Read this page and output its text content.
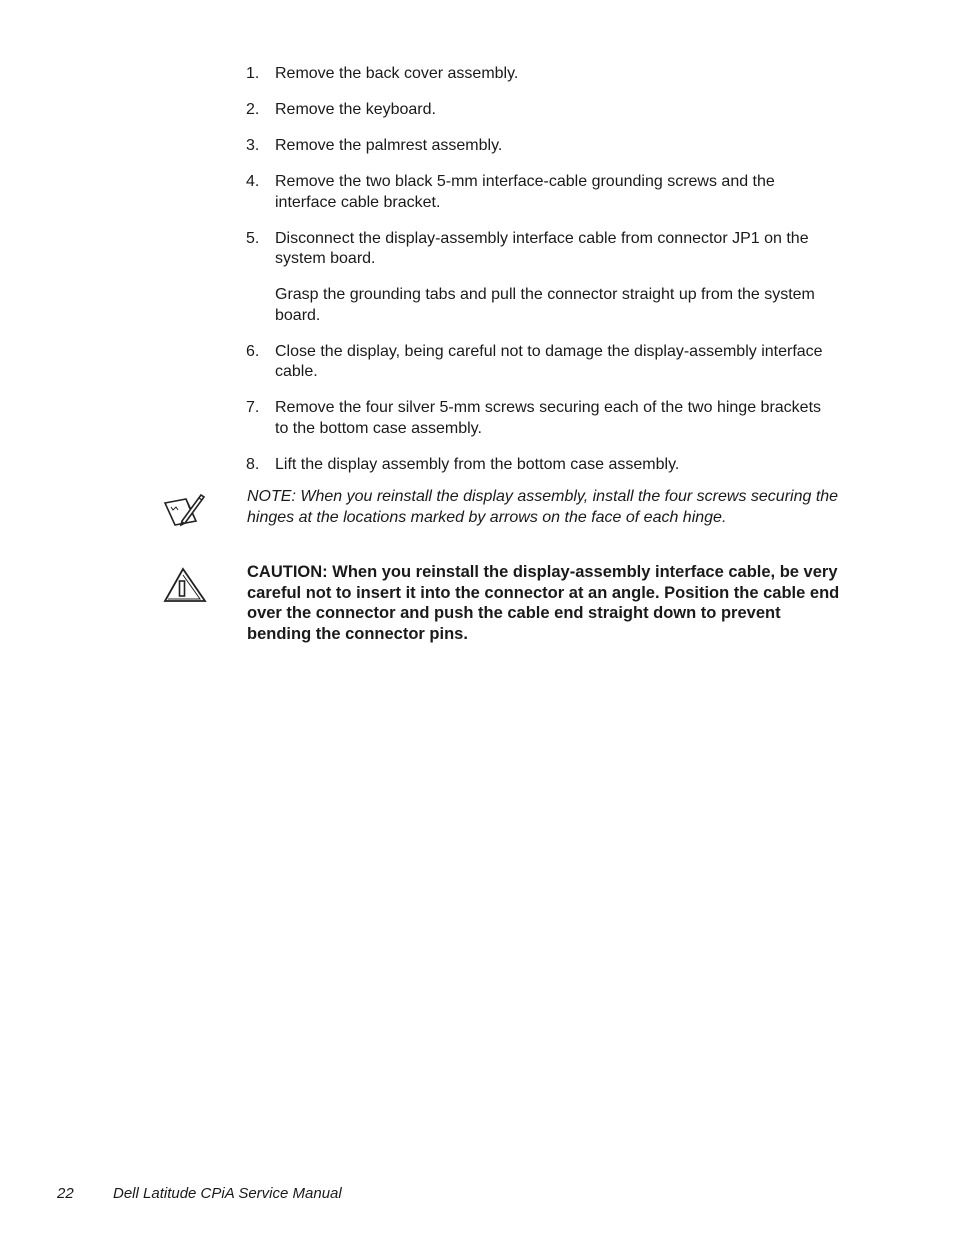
1. Remove the back cover assembly.
2. Remove the keyboard.
3. Remove the palmrest assembly.
4. Remove the two black 5-mm interface-cable grounding screws and the interface cable bracket.
5. Disconnect the display-assembly interface cable from connector JP1 on the system board.
Grasp the grounding tabs and pull the connector straight up from the system board.
6. Close the display, being careful not to damage the display-assembly interface cable.
7. Remove the four silver 5-mm screws securing each of the two hinge brackets to the bottom case assembly.
8. Lift the display assembly from the bottom case assembly.
NOTE: When you reinstall the display assembly, install the four screws securing the hinges at the locations marked by arrows on the face of each hinge.
CAUTION: When you reinstall the display-assembly interface cable, be very careful not to insert it into the connector at an angle. Position the cable end over the connector and push the cable end straight down to prevent bending the connector pins.
22	Dell Latitude CPiA Service Manual
